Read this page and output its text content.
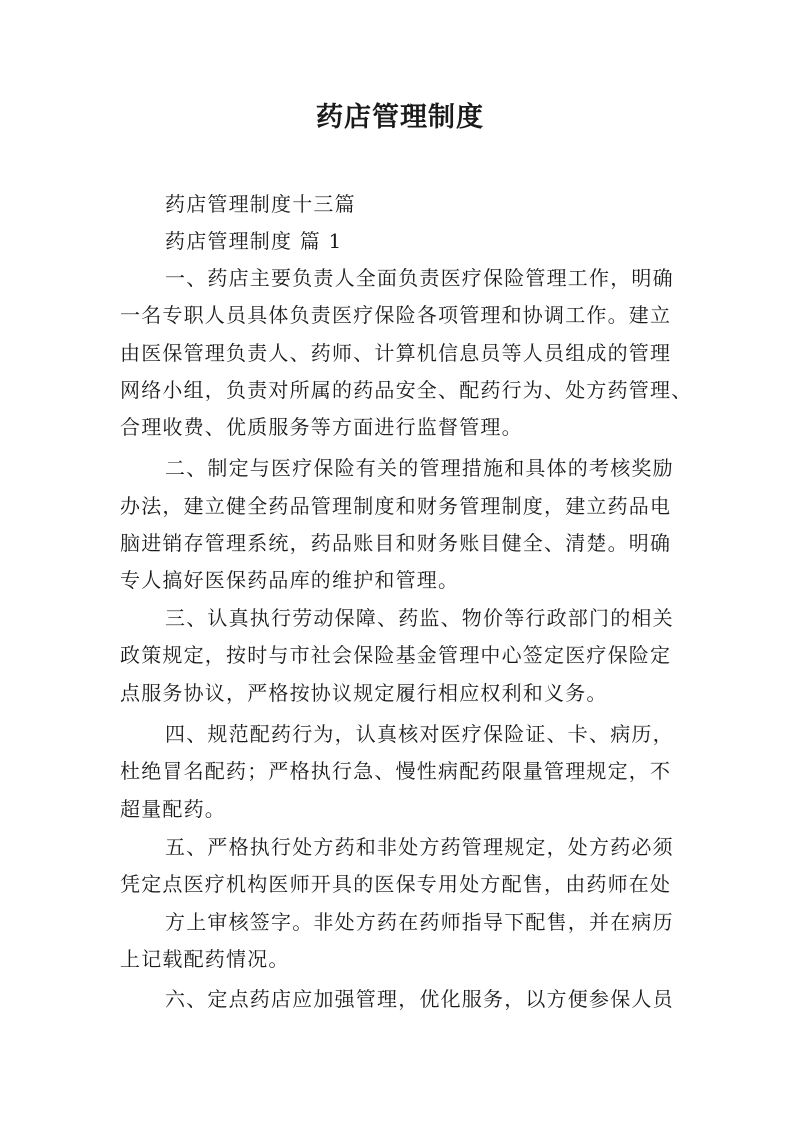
药店管理制度
药店管理制度十三篇
药店管理制度 篇 1
一、药店主要负责人全面负责医疗保险管理工作，明确
一名专职人员具体负责医疗保险各项管理和协调工作。建立
由医保管理负责人、药师、计算机信息员等人员组成的管理
网络小组，负责对所属的药品安全、配药行为、处方药管理、
合理收费、优质服务等方面进行监督管理。
二、制定与医疗保险有关的管理措施和具体的考核奖励
办法，建立健全药品管理制度和财务管理制度，建立药品电
脑进销存管理系统，药品账目和财务账目健全、清楚。明确
专人搞好医保药品库的维护和管理。
三、认真执行劳动保障、药监、物价等行政部门的相关
政策规定，按时与市社会保险基金管理中心签定医疗保险定
点服务协议，严格按协议规定履行相应权利和义务。
四、规范配药行为，认真核对医疗保险证、卡、病历，
杜绝冒名配药；严格执行急、慢性病配药限量管理规定，不
超量配药。
五、严格执行处方药和非处方药管理规定，处方药必须
凭定点医疗机构医师开具的医保专用处方配售，由药师在处
方上审核签字。非处方药在药师指导下配售，并在病历
上记载配药情况。
六、定点药店应加强管理，优化服务，以方便参保人员
